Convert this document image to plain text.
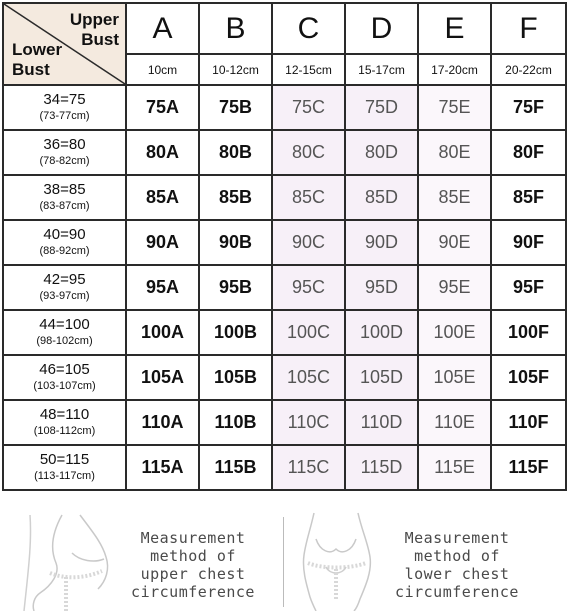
Upper
Bust
Lower
Bust	A	B	C	D	E	F
	10cm	10-12cm	12-15cm	15-17cm	17-20cm	20-22cm

34=75
(73-77cm)	75A	75B	75C	75D	75E	75F

36=80
(78-82cm)	80A	80B	80C	80D	80E	80F

38=85
(83-87cm)	85A	85B	85C	85D	85E	85F

40=90
(88-92cm)	90A	90B	90C	90D	90E	90F

42=95
(93-97cm)	95A	95B	95C	95D	95E	95F

44=100
(98-102cm)	100A	100B	100C	100D	100E	100F

46=105
(103-107cm)	105A	105B	105C	105D	105E	105F

48=110
(108-112cm)	110A	110B	110C	110D	110E	110F

50=115
(113-117cm)	115A	115B	115C	115D	115E	115F
Measurement
method of
upper chest
circumference
Measurement
method of
lower chest
circumference
